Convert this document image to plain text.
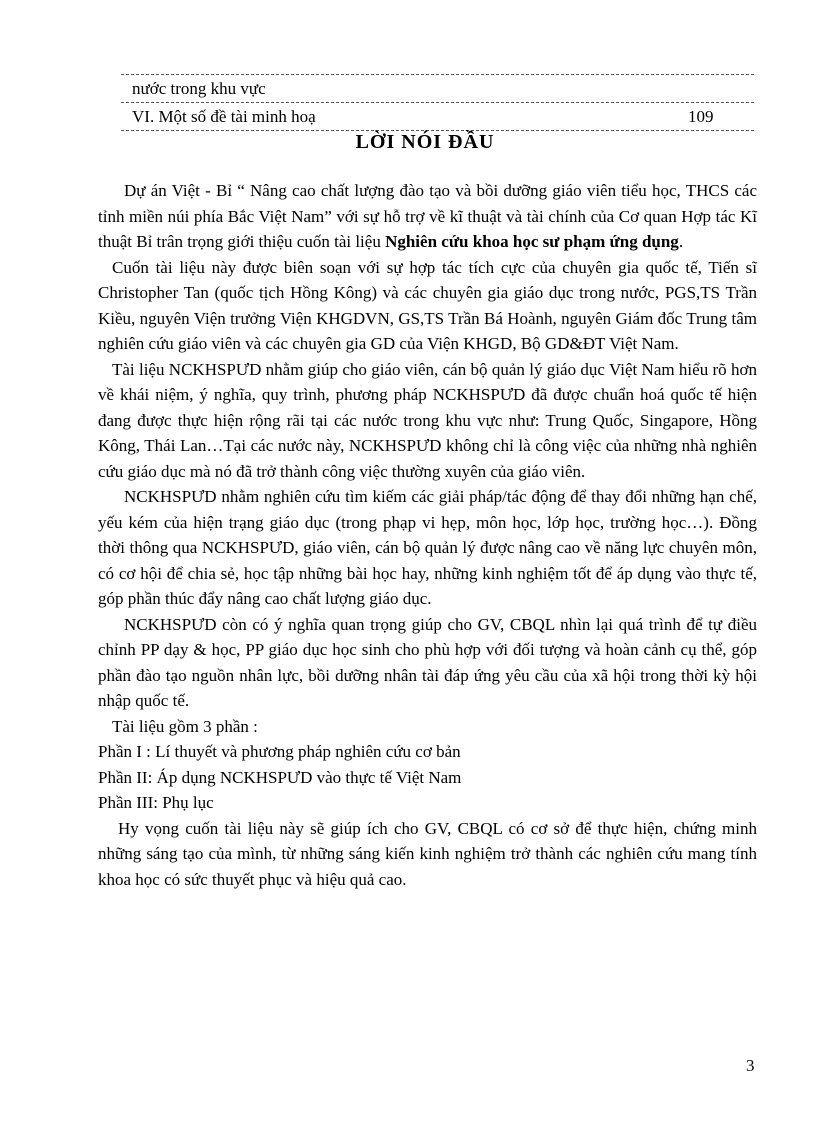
nước trong khu vực
VI. Một số đề tài minh hoạ	109
LỜI NÓI ĐẦU

Dự án Việt - Bỉ “ Nâng cao chất lượng đào tạo và bồi dưỡng giáo viên tiểu học, THCS các tỉnh miền núi phía Bắc Việt Nam” với sự hỗ trợ về kĩ thuật và tài chính của Cơ quan Hợp tác Kĩ thuật Bỉ trân trọng giới thiệu cuốn tài liệu Nghiên cứu khoa học sư phạm ứng dụng.

Cuốn tài liệu này được biên soạn với sự hợp tác tích cực của chuyên gia quốc tế, Tiến sĩ Christopher Tan (quốc tịch Hồng Kông) và các chuyên gia giáo dục trong nước, PGS,TS Trần Kiều, nguyên Viện trưởng Viện KHGDVN, GS,TS Trần Bá Hoành, nguyên Giám đốc Trung tâm nghiên cứu giáo viên và các chuyên gia GD của Viện KHGD, Bộ GD&ĐT Việt Nam.

Tài liệu NCKHSPƯD nhằm giúp cho giáo viên, cán bộ quản lý giáo dục Việt Nam hiểu rõ hơn về khái niệm, ý nghĩa, quy trình, phương pháp NCKHSPƯD đã được chuẩn hoá quốc tế hiện đang được thực hiện rộng rãi tại các nước trong khu vực như: Trung Quốc, Singapore, Hồng Kông, Thái Lan…Tại các nước này, NCKHSPƯD không chỉ là công việc của những nhà nghiên cứu giáo dục mà nó đã trở thành công việc thường xuyên của giáo viên.

NCKHSPƯD nhằm nghiên cứu tìm kiếm các giải pháp/tác động để thay đổi những hạn chế, yếu kém của hiện trạng giáo dục (trong phạp vi hẹp, môn học, lớp học, trường học…). Đồng thời thông qua NCKHSPƯD, giáo viên, cán bộ quản lý được nâng cao về năng lực chuyên môn, có cơ hội để chia sẻ, học tập những bài học hay, những kinh nghiệm tốt để áp dụng vào thực tế, góp phần thúc đẩy nâng cao chất lượng giáo dục.

NCKHSPƯD còn có ý nghĩa quan trọng giúp cho GV, CBQL nhìn lại quá trình để tự điều chỉnh PP dạy & học, PP giáo dục học sinh cho phù hợp với đối tượng và hoàn cảnh cụ thể, góp phần đào tạo nguồn nhân lực, bồi dưỡng nhân tài đáp ứng yêu cầu của xã hội trong thời kỳ hội nhập quốc tế.

Tài liệu gồm 3 phần :

Phần I : Lí thuyết và phương pháp nghiên cứu cơ bản

Phần II: Áp dụng NCKHSPƯD vào thực tế Việt Nam

Phần III: Phụ lục

Hy vọng cuốn tài liệu này sẽ giúp ích cho GV, CBQL có cơ sở để thực hiện, chứng minh những sáng tạo của mình, từ những sáng kiến kinh nghiệm trở thành các nghiên cứu mang tính khoa học có sức thuyết phục và hiệu quả cao.

3
